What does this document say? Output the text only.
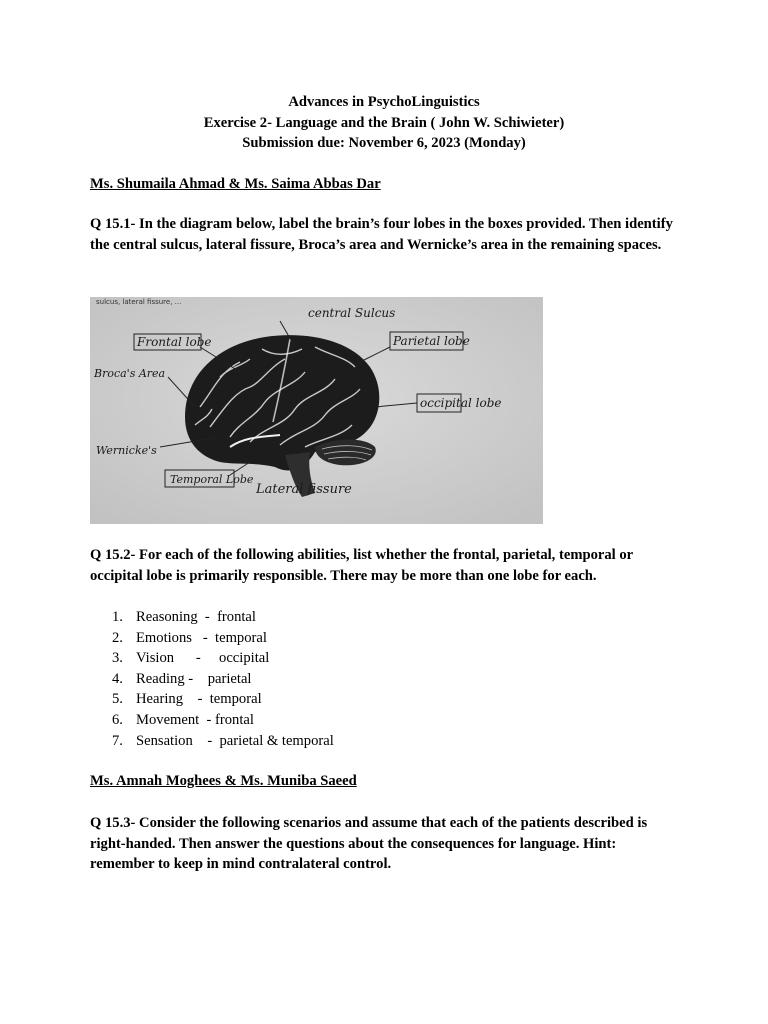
Advances in PsychoLinguistics
Exercise 2- Language and the Brain ( John W. Schiwieter)
Submission due: November 6, 2023 (Monday)
Ms. Shumaila Ahmad & Ms. Saima Abbas Dar
Q 15.1- In the diagram below, label the brain’s four lobes in the boxes provided. Then identify the central sulcus, lateral fissure, Broca’s area and Wernicke’s area in the remaining spaces.
sulcus, lateral fissure, ...
central Sulcus
Frontal lobe	Parietal lobe
Broca's Area
occipital lobe
Wernicke's
Temporal Lobe
Lateral fissure
Q 15.2- For each of the following abilities, list whether the frontal, parietal, temporal or occipital lobe is primarily responsible. There may be more than one lobe for each.
1. Reasoning  -  frontal
2. Emotions   -  temporal
3. Vision      -     occipital
4. Reading -    parietal
5. Hearing    -  temporal
6. Movement  - frontal
7. Sensation    -  parietal & temporal
Ms. Amnah Moghees & Ms. Muniba Saeed
Q 15.3- Consider the following scenarios and assume that each of the patients described is right-handed. Then answer the questions about the consequences for language. Hint: remember to keep in mind contralateral control.
